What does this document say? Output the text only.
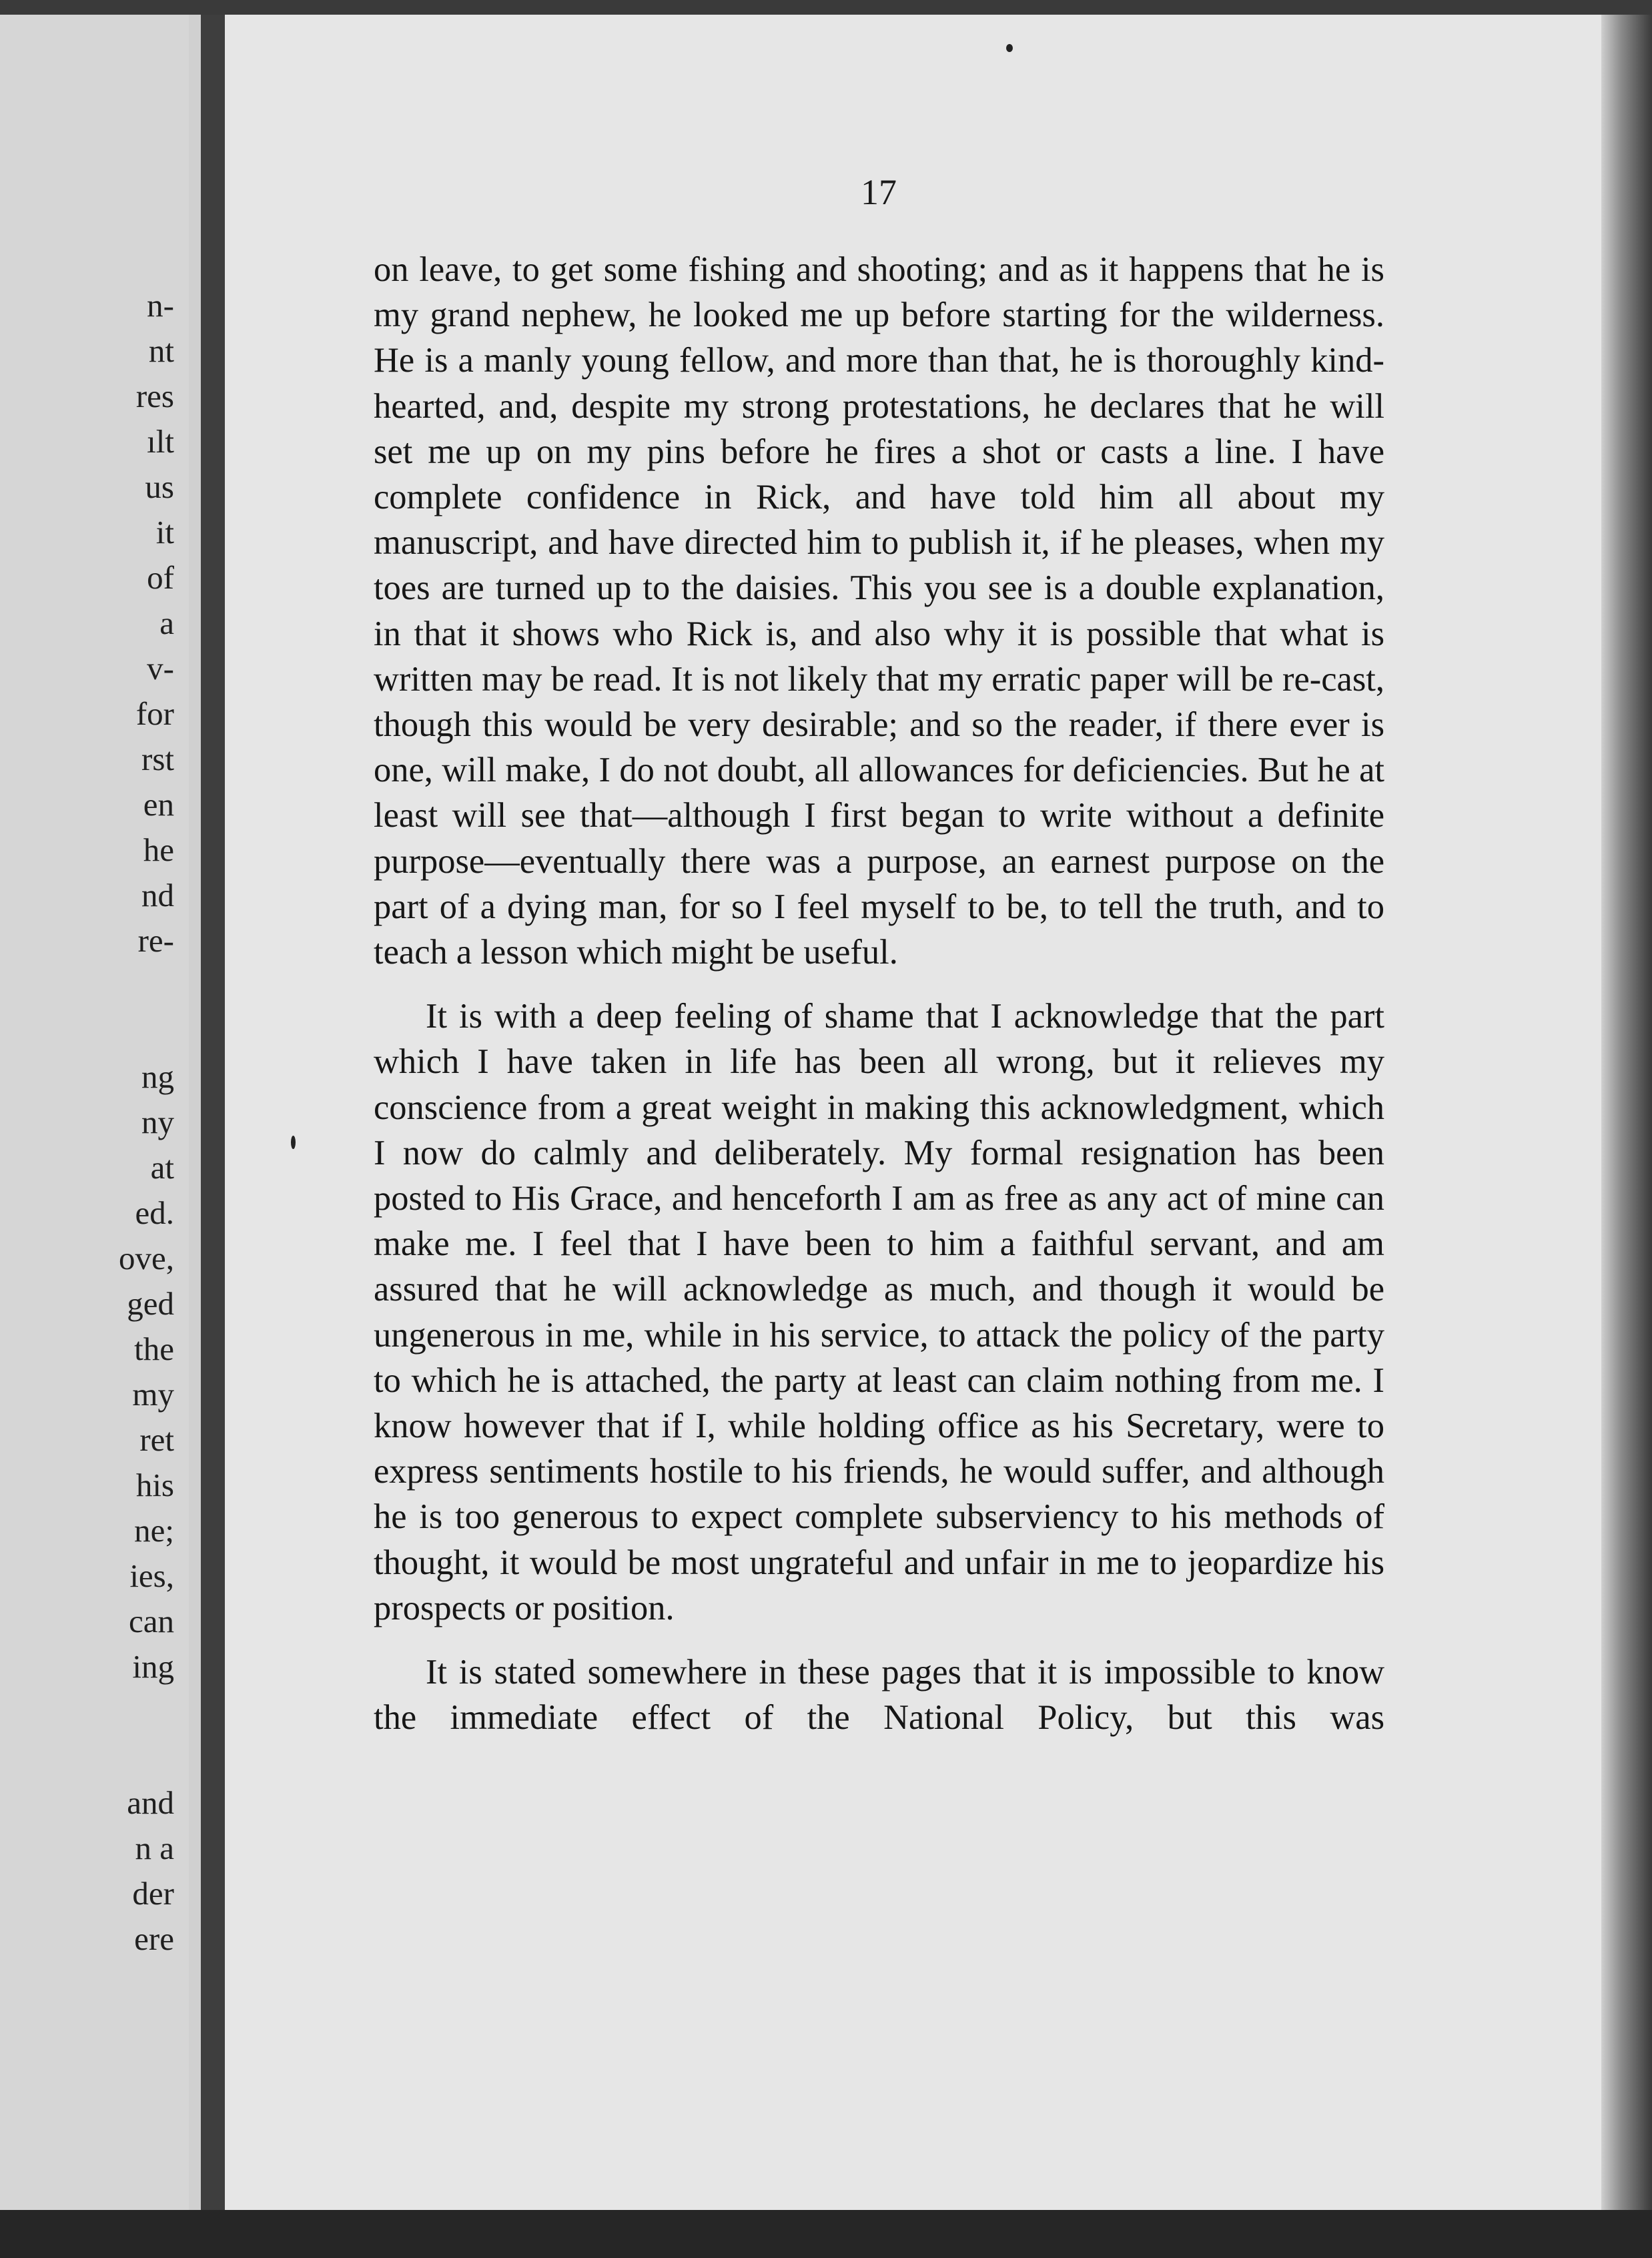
n-
nt
res
ılt
us
it
of
a
v-
for
rst
en
he
nd
re-

ng
ny
at
ed.
ove,
ged
the
my
ret
his
ne;
ies,
can
ing

and
n a
der
ere

17

on leave, to get some fishing and shooting; and as it happens that he is my grand nephew, he looked me up before starting for the wilderness. He is a manly young fellow, and more than that, he is thoroughly kind-hearted, and, despite my strong protestations, he declares that he will set me up on my pins before he fires a shot or casts a line. I have complete confidence in Rick, and have told him all about my manuscript, and have directed him to publish it, if he pleases, when my toes are turned up to the daisies. This you see is a double explanation, in that it shows who Rick is, and also why it is possible that what is written may be read. It is not likely that my erratic paper will be re-cast, though this would be very desirable; and so the reader, if there ever is one, will make, I do not doubt, all allowances for deficiencies. But he at least will see that—although I first began to write without a definite purpose—eventually there was a purpose, an earnest purpose on the part of a dying man, for so I feel myself to be, to tell the truth, and to teach a lesson which might be useful.

It is with a deep feeling of shame that I acknowledge that the part which I have taken in life has been all wrong, but it relieves my conscience from a great weight in making this acknowledgment, which I now do calmly and deliberately. My formal resignation has been posted to His Grace, and henceforth I am as free as any act of mine can make me. I feel that I have been to him a faithful servant, and am assured that he will acknowledge as much, and though it would be ungenerous in me, while in his service, to attack the policy of the party to which he is attached, the party at least can claim nothing from me. I know however that if I, while holding office as his Secretary, were to express sentiments hostile to his friends, he would suffer, and although he is too generous to expect complete subserviency to his methods of thought, it would be most ungrateful and unfair in me to jeopardize his prospects or position.

It is stated somewhere in these pages that it is impossible to know the immediate effect of the National Policy, but this was
